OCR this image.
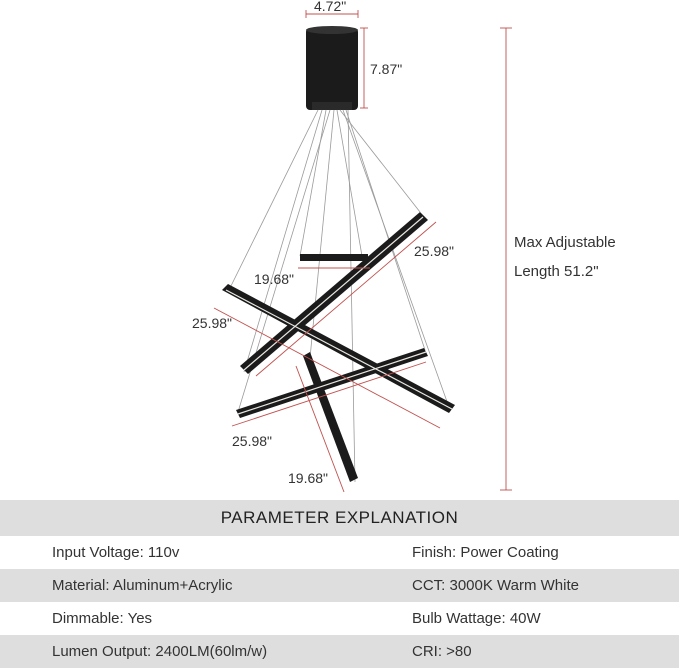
4.72"
7.87"
25.98"
19.68"
25.98"
25.98"
19.68"
Max Adjustable
Length 51.2"
PARAMETER EXPLANATION
Input Voltage: 110v	Finish: Power Coating
Material: Aluminum+Acrylic	CCT: 3000K Warm White
Dimmable: Yes	Bulb Wattage: 40W
Lumen Output: 2400LM(60lm/w)	CRI: >80
